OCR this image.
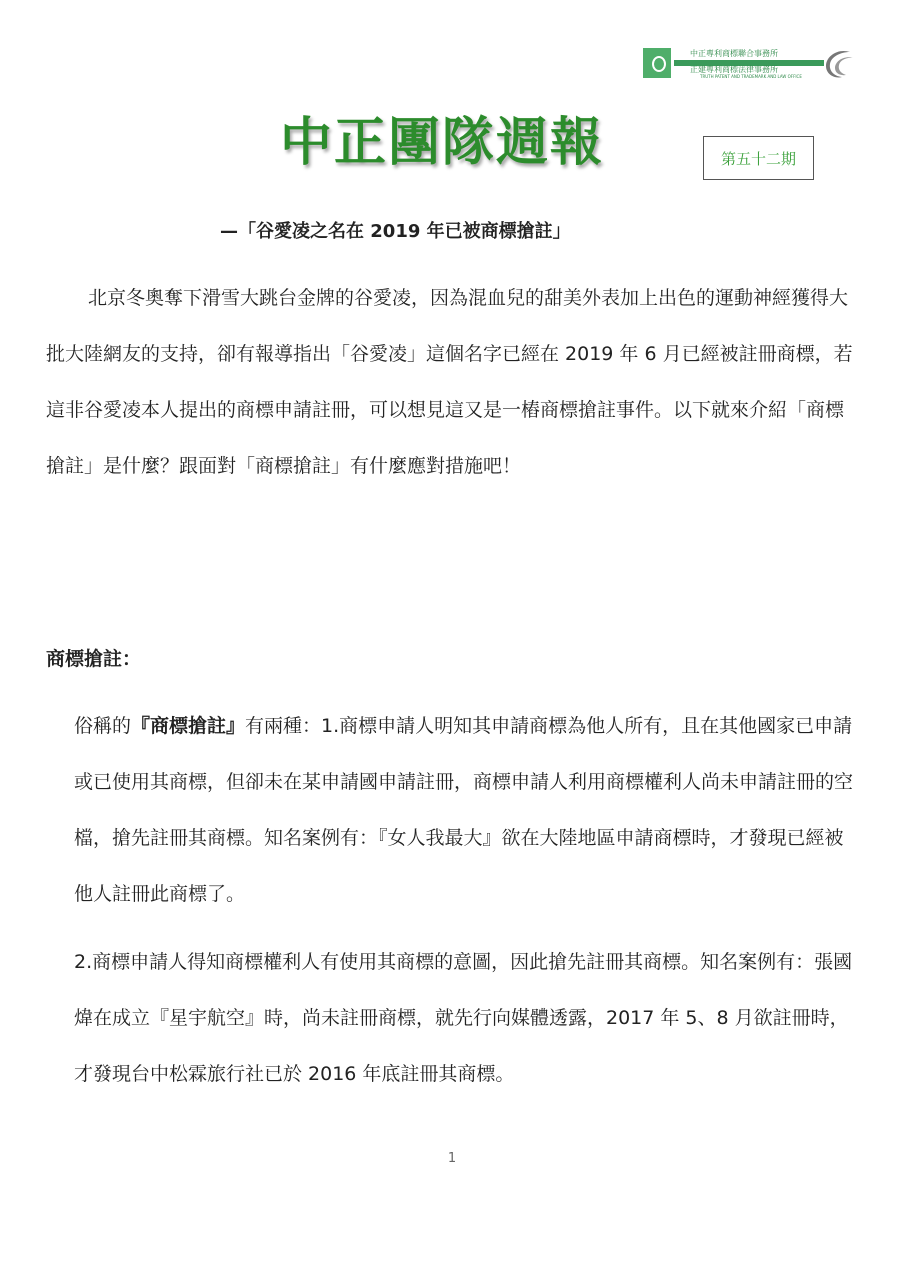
中正專利商標聯合事務所
正建專利商標法律事務所
TRUTH PATENT AND TRADEMARK AND LAW OFFICE
中正團隊週報	第五十二期
—「谷愛凌之名在 2019 年已被商標搶註」

北京冬奧奪下滑雪大跳台金牌的谷愛凌，因為混血兒的甜美外表加上出色的運動神經獲得大批大陸網友的支持，卻有報導指出「谷愛凌」這個名字已經在 2019 年 6 月已經被註冊商標，若這非谷愛凌本人提出的商標申請註冊，可以想見這又是一樁商標搶註事件。以下就來介紹「商標搶註」是什麼？跟面對「商標搶註」有什麼應對措施吧！

商標搶註：

俗稱的『商標搶註』有兩種：1.商標申請人明知其申請商標為他人所有，且在其他國家已申請或已使用其商標，但卻未在某申請國申請註冊，商標申請人利用商標權利人尚未申請註冊的空檔，搶先註冊其商標。知名案例有：『女人我最大』欲在大陸地區申請商標時，才發現已經被他人註冊此商標了。

2.商標申請人得知商標權利人有使用其商標的意圖，因此搶先註冊其商標。知名案例有：張國煒在成立『星宇航空』時，尚未註冊商標，就先行向媒體透露，2017 年 5、8 月欲註冊時，才發現台中松霖旅行社已於 2016 年底註冊其商標。

1
